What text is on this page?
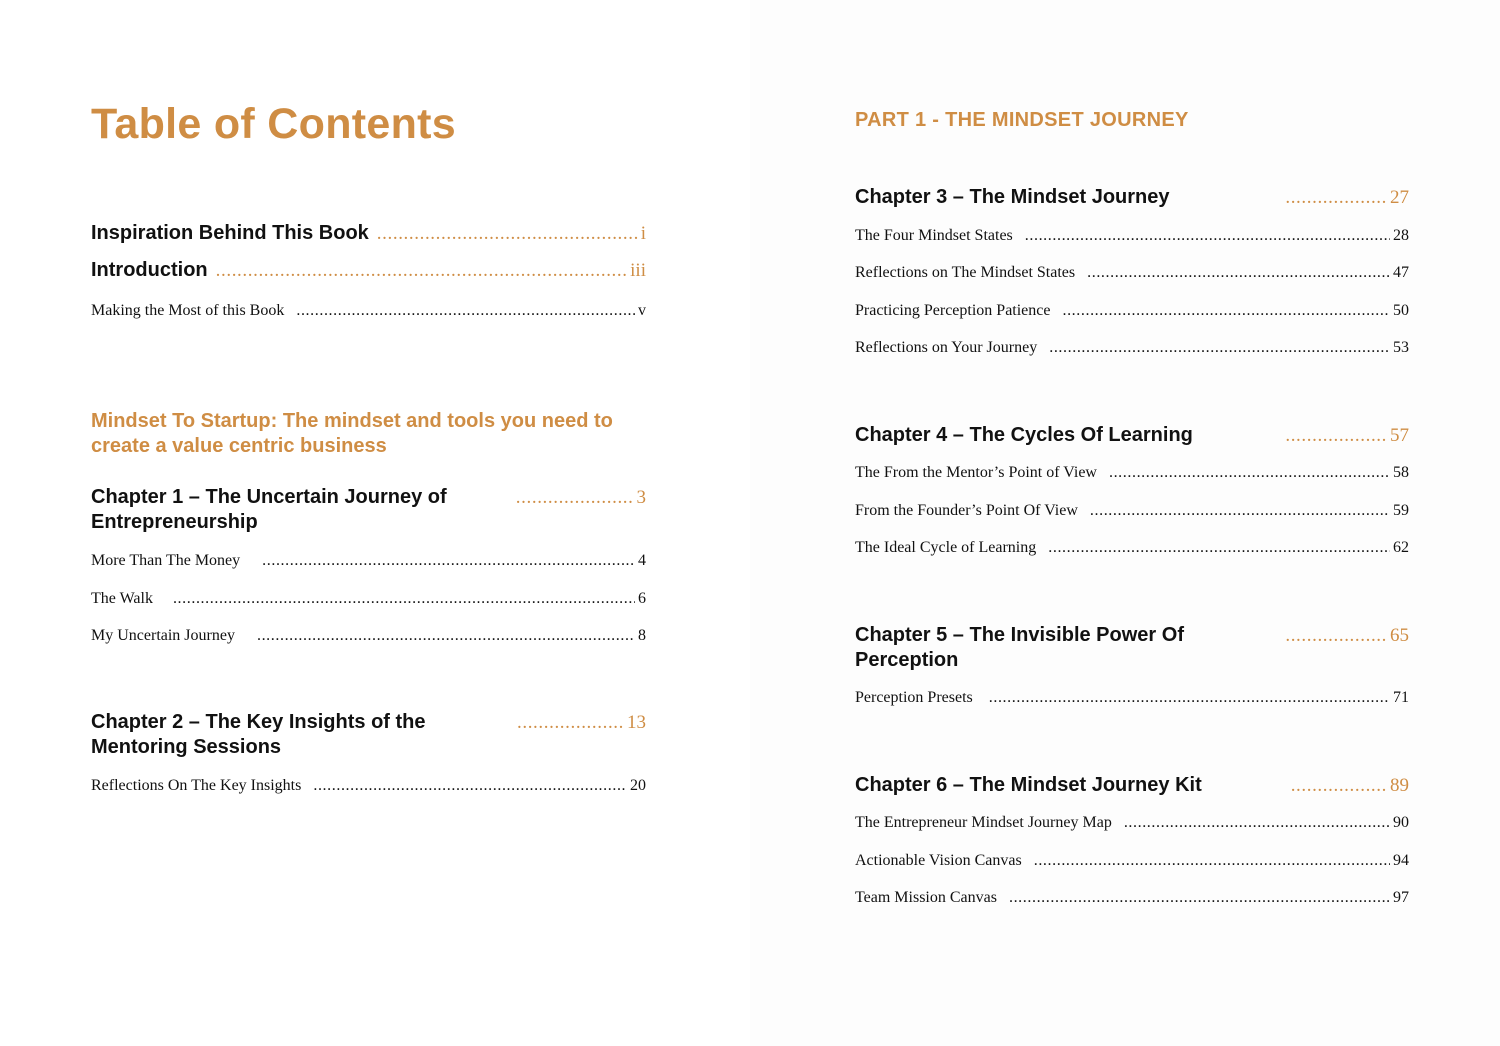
Table of Contents
Inspiration Behind This Book .....	i
Introduction .....	iii
Making the Most of this Book .....	v
Mindset To Startup: The mindset and tools you need to create a value centric business
Chapter 1 – The Uncertain Journey of Entrepreneurship
...................... 3
More Than The Money .....	4
The Walk .....	6
My Uncertain Journey .....	8
Chapter 2 – The Key Insights of the Mentoring Sessions
.................... 13
Reflections On The Key Insights .....	20
PART 1 - THE MINDSET JOURNEY
Chapter 3 – The Mindset Journey	................... 27
The Four Mindset States .....	28
Reflections on The Mindset States .....	47
Practicing Perception Patience .....	50
Reflections on Your Journey .....	53
Chapter 4 – The Cycles Of Learning	................... 57
The From the Mentor’s Point of View .....	58
From the Founder’s Point Of View .....	59
The Ideal Cycle of Learning .....	62
Chapter 5 – The Invisible Power Of Perception
................... 65
Perception Presets .....	71
Chapter 6 – The Mindset Journey Kit	.................. 89
The Entrepreneur Mindset Journey Map .....	90
Actionable Vision Canvas .....	94
Team Mission Canvas .....	97
